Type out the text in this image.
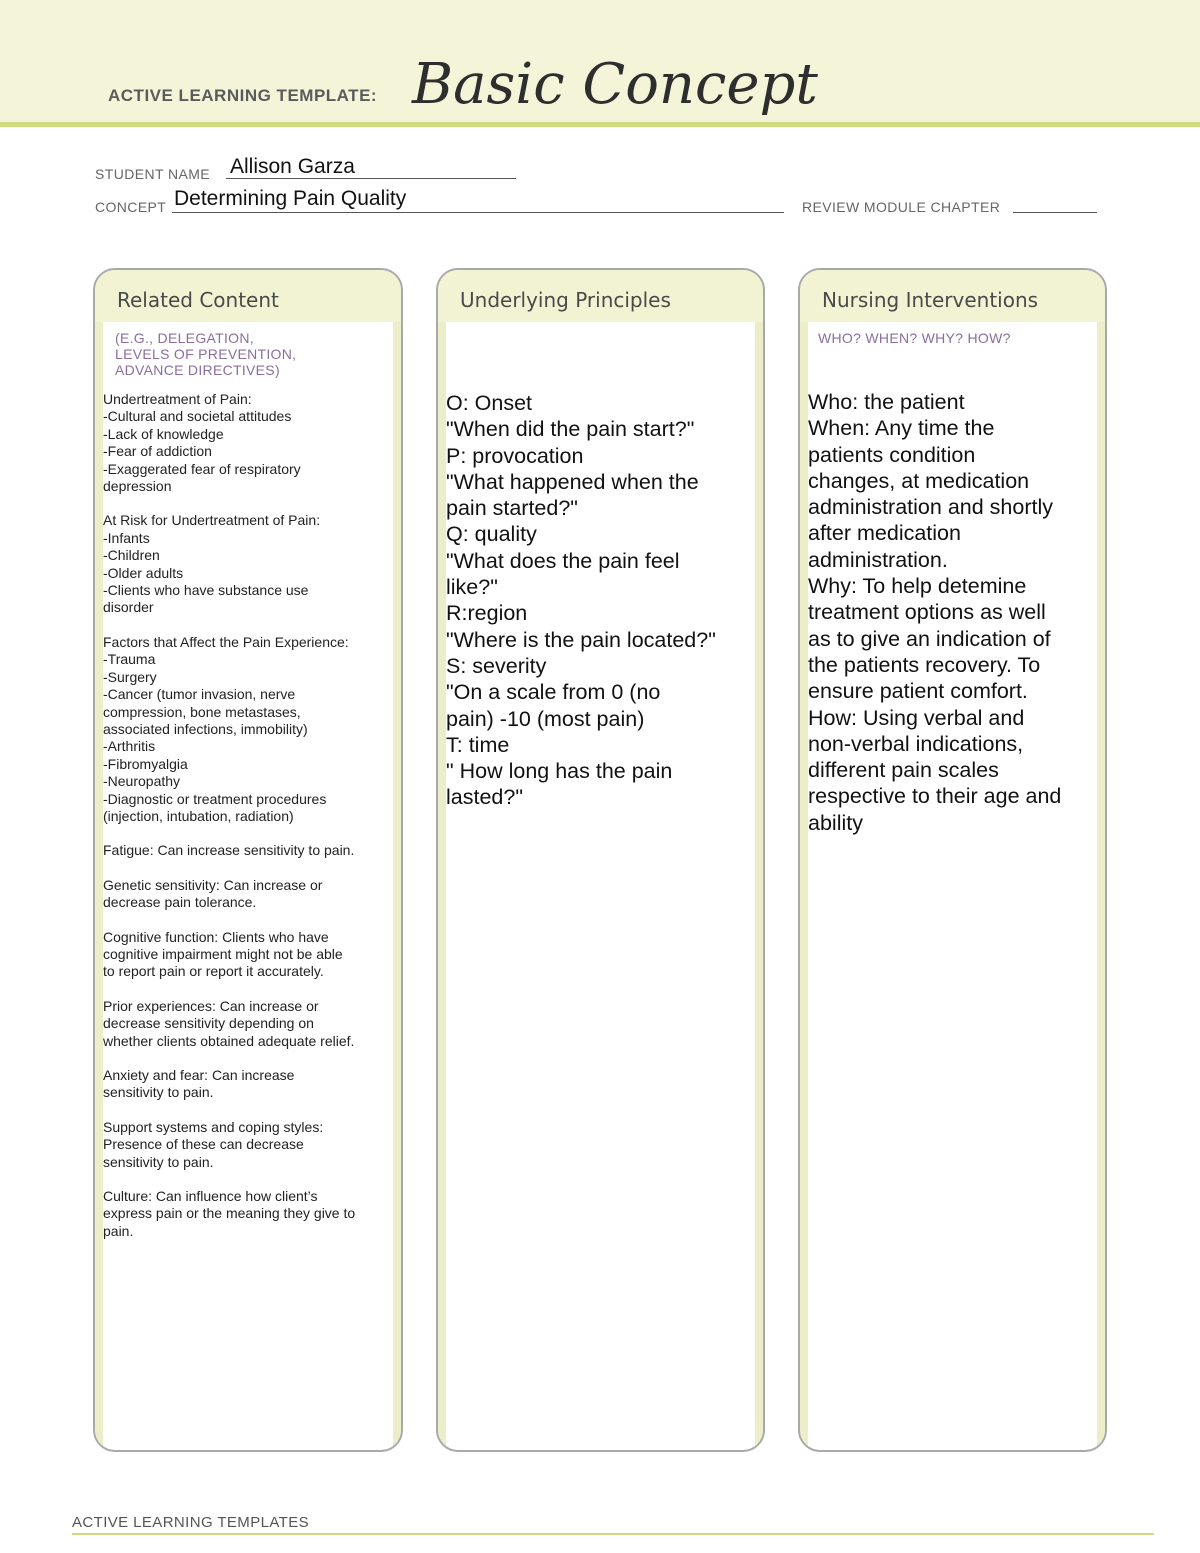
ACTIVE LEARNING TEMPLATE: Basic Concept
STUDENT NAME Allison Garza
CONCEPT Determining Pain Quality	REVIEW MODULE CHAPTER
Related Content
(E.G., DELEGATION,
LEVELS OF PREVENTION,
ADVANCE DIRECTIVES)

Undertreatment of Pain:
-Cultural and societal attitudes
-Lack of knowledge
-Fear of addiction
-Exaggerated fear of respiratory
depression

At Risk for Undertreatment of Pain:
-Infants
-Children
-Older adults
-Clients who have substance use
disorder

Factors that Affect the Pain Experience:
-Trauma
-Surgery
-Cancer (tumor invasion, nerve
compression, bone metastases,
associated infections, immobility)
-Arthritis
-Fibromyalgia
-Neuropathy
-Diagnostic or treatment procedures
(injection, intubation, radiation)

Fatigue: Can increase sensitivity to pain.

Genetic sensitivity: Can increase or
decrease pain tolerance.

Cognitive function: Clients who have
cognitive impairment might not be able
to report pain or report it accurately.

Prior experiences: Can increase or
decrease sensitivity depending on
whether clients obtained adequate relief.

Anxiety and fear: Can increase
sensitivity to pain.

Support systems and coping styles:
Presence of these can decrease
sensitivity to pain.

Culture: Can influence how client’s
express pain or the meaning they give to
pain.

Underlying Principles
O: Onset
"When did the pain start?"
P: provocation
"What happened when the
pain started?"
Q: quality
"What does the pain feel
like?"
R:region
"Where is the pain located?"
S: severity
"On a scale from 0 (no
pain) -10 (most pain)
T: time
" How long has the pain
lasted?"
Nursing Interventions
WHO? WHEN? WHY? HOW?
Who: the patient
When: Any time the
patients condition
changes, at medication
administration and shortly
after medication
administration.
Why: To help detemine
treatment options as well
as to give an indication of
the patients recovery. To
ensure patient comfort.
How: Using verbal and
non-verbal indications,
different pain scales
respective to their age and
ability
ACTIVE LEARNING TEMPLATES
